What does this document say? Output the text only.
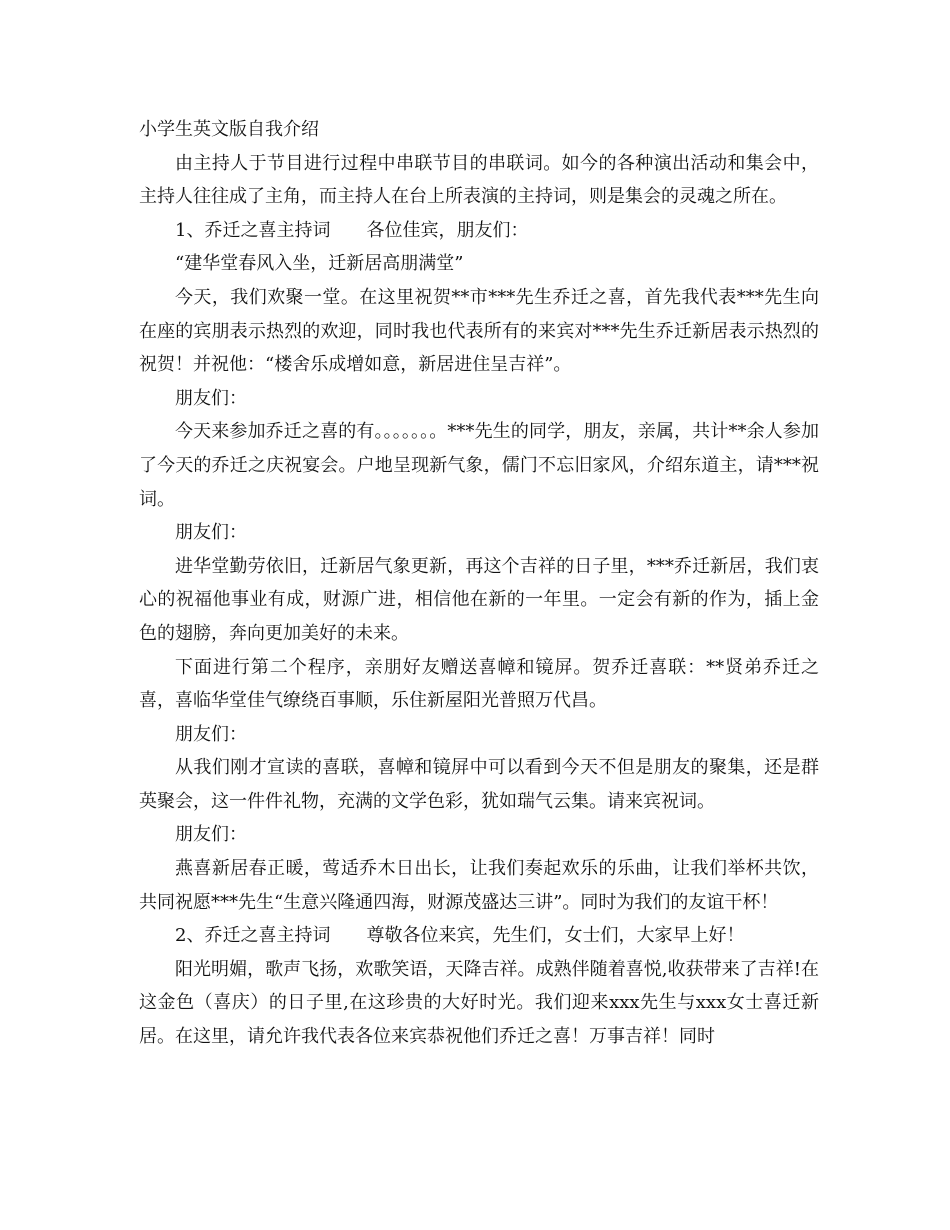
小学生英文版自我介绍

由主持人于节目进行过程中串联节目的串联词。如今的各种演出活动和集会中，主持人往往成了主角，而主持人在台上所表演的主持词，则是集会的灵魂之所在。

1、乔迁之喜主持词　　各位佳宾，朋友们：

“建华堂春风入坐，迁新居高朋满堂”

今天，我们欢聚一堂。在这里祝贺**市***先生乔迁之喜，首先我代表***先生向在座的宾朋表示热烈的欢迎，同时我也代表所有的来宾对***先生乔迁新居表示热烈的祝贺！并祝他：“楼舍乐成增如意，新居进住呈吉祥”。

朋友们：

今天来参加乔迁之喜的有。。。。。。。***先生的同学，朋友，亲属，共计**余人参加了今天的乔迁之庆祝宴会。户地呈现新气象，儒门不忘旧家风，介绍东道主，请***祝词。

朋友们：

进华堂勤劳依旧，迁新居气象更新，再这个吉祥的日子里，***乔迁新居，我们衷心的祝福他事业有成，财源广进，相信他在新的一年里。一定会有新的作为，插上金色的翅膀，奔向更加美好的未来。

下面进行第二个程序，亲朋好友赠送喜幛和镜屏。贺乔迁喜联：**贤弟乔迁之喜，喜临华堂佳气缭绕百事顺，乐住新屋阳光普照万代昌。

朋友们：

从我们刚才宣读的喜联，喜幛和镜屏中可以看到今天不但是朋友的聚集，还是群英聚会，这一件件礼物，充满的文学色彩，犹如瑞气云集。请来宾祝词。

朋友们：

燕喜新居春正暖，莺适乔木日出长，让我们奏起欢乐的乐曲，让我们举杯共饮，共同祝愿***先生“生意兴隆通四海，财源茂盛达三讲”。同时为我们的友谊干杯！

2、乔迁之喜主持词　　尊敬各位来宾，先生们，女士们，大家早上好！

阳光明媚，歌声飞扬，欢歌笑语，天降吉祥。成熟伴随着喜悦,收获带来了吉祥!在这金色（喜庆）的日子里,在这珍贵的大好时光。我们迎来xxx先生与xxx女士喜迁新居。在这里，请允许我代表各位来宾恭祝他们乔迁之喜！万事吉祥！同时
